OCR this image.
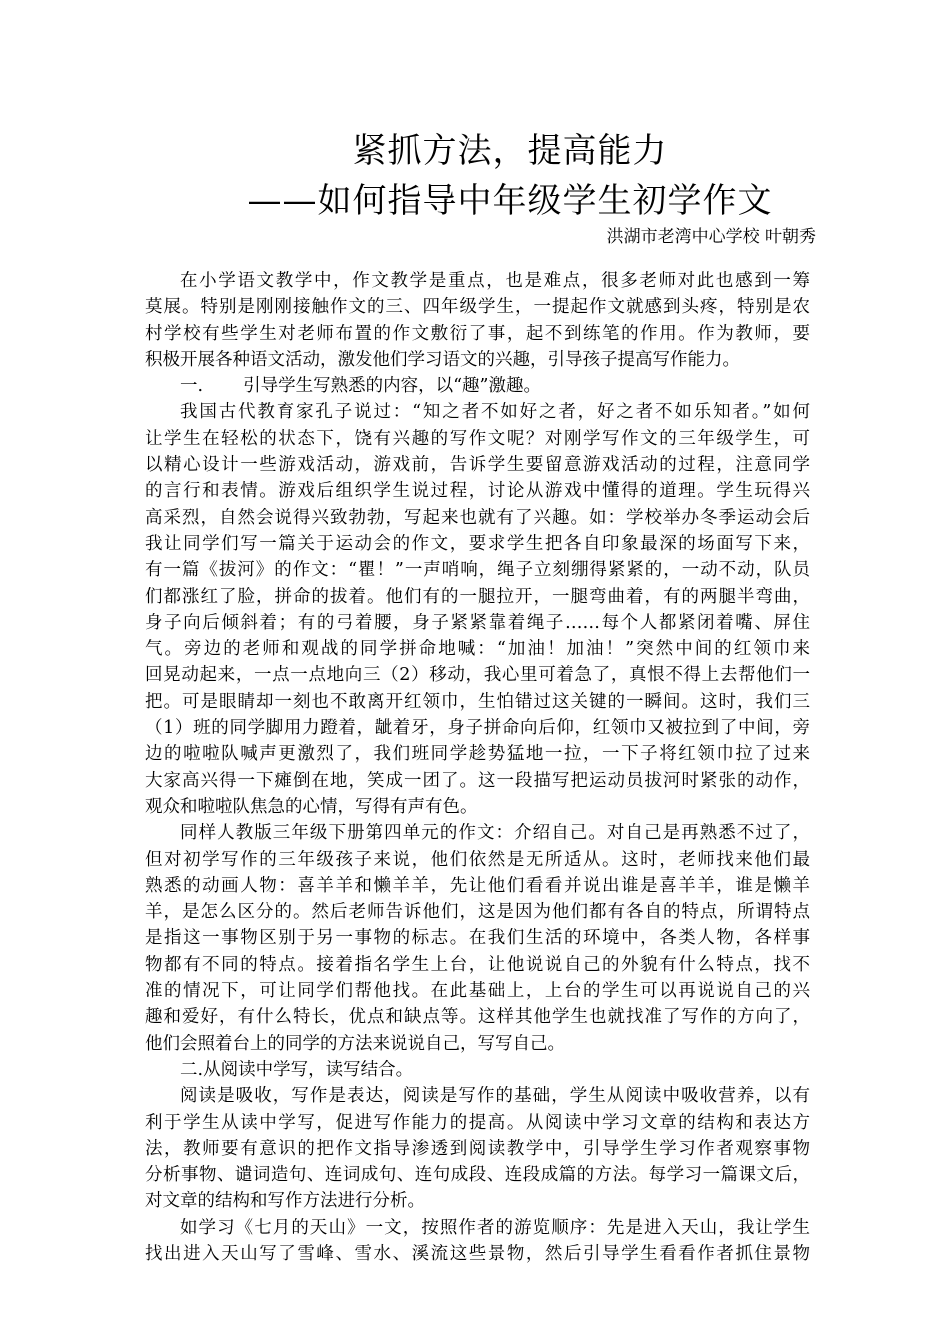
紧抓方法，提高能力
——如何指导中年级学生初学作文
洪湖市老湾中心学校 叶朝秀
在小学语文教学中，作文教学是重点，也是难点，很多老师对此也感到一筹
莫展。特别是刚刚接触作文的三、四年级学生，一提起作文就感到头疼，特别是农
村学校有些学生对老师布置的作文敷衍了事，起不到练笔的作用。作为教师，要
积极开展各种语文活动，激发他们学习语文的兴趣，引导孩子提高写作能力。
一. 引导学生写熟悉的内容，以“趣”激趣。
我国古代教育家孔子说过：“知之者不如好之者，好之者不如乐知者。”如何
让学生在轻松的状态下，饶有兴趣的写作文呢？对刚学写作文的三年级学生，可
以精心设计一些游戏活动，游戏前，告诉学生要留意游戏活动的过程，注意同学
的言行和表情。游戏后组织学生说过程，讨论从游戏中懂得的道理。学生玩得兴
高采烈，自然会说得兴致勃勃，写起来也就有了兴趣。如：学校举办冬季运动会后
我让同学们写一篇关于运动会的作文，要求学生把各自印象最深的场面写下来，
有一篇《拔河》的作文：“瞿！”一声哨响，绳子立刻绷得紧紧的，一动不动，队员
们都涨红了脸，拼命的拔着。他们有的一腿拉开，一腿弯曲着，有的两腿半弯曲，
身子向后倾斜着；有的弓着腰，身子紧紧靠着绳子……每个人都紧闭着嘴、屏住
气。旁边的老师和观战的同学拼命地喊：“加油！加油！”突然中间的红领巾来
回晃动起来，一点一点地向三（2）移动，我心里可着急了，真恨不得上去帮他们一
把。可是眼睛却一刻也不敢离开红领巾，生怕错过这关键的一瞬间。这时，我们三
（1）班的同学脚用力蹬着，龇着牙，身子拼命向后仰，红领巾又被拉到了中间，旁
边的啦啦队喊声更激烈了，我们班同学趁势猛地一拉，一下子将红领巾拉了过来
大家高兴得一下瘫倒在地，笑成一团了。这一段描写把运动员拔河时紧张的动作，
观众和啦啦队焦急的心情，写得有声有色。
同样人教版三年级下册第四单元的作文：介绍自己。对自己是再熟悉不过了，
但对初学写作的三年级孩子来说，他们依然是无所适从。这时，老师找来他们最
熟悉的动画人物：喜羊羊和懒羊羊，先让他们看看并说出谁是喜羊羊，谁是懒羊
羊，是怎么区分的。然后老师告诉他们，这是因为他们都有各自的特点，所谓特点
是指这一事物区别于另一事物的标志。在我们生活的环境中，各类人物，各样事
物都有不同的特点。接着指名学生上台，让他说说自己的外貌有什么特点，找不
准的情况下，可让同学们帮他找。在此基础上，上台的学生可以再说说自己的兴
趣和爱好，有什么特长，优点和缺点等。这样其他学生也就找准了写作的方向了，
他们会照着台上的同学的方法来说说自己，写写自己。
二.从阅读中学写，读写结合。
阅读是吸收，写作是表达，阅读是写作的基础，学生从阅读中吸收营养，以有
利于学生从读中学写，促进写作能力的提高。从阅读中学习文章的结构和表达方
法，教师要有意识的把作文指导渗透到阅读教学中，引导学生学习作者观察事物
分析事物、谴词造句、连词成句、连句成段、连段成篇的方法。每学习一篇课文后，
对文章的结构和写作方法进行分析。
如学习《七月的天山》一文，按照作者的游览顺序：先是进入天山，我让学生
找出进入天山写了雪峰、雪水、溪流这些景物，然后引导学生看看作者抓住景物
